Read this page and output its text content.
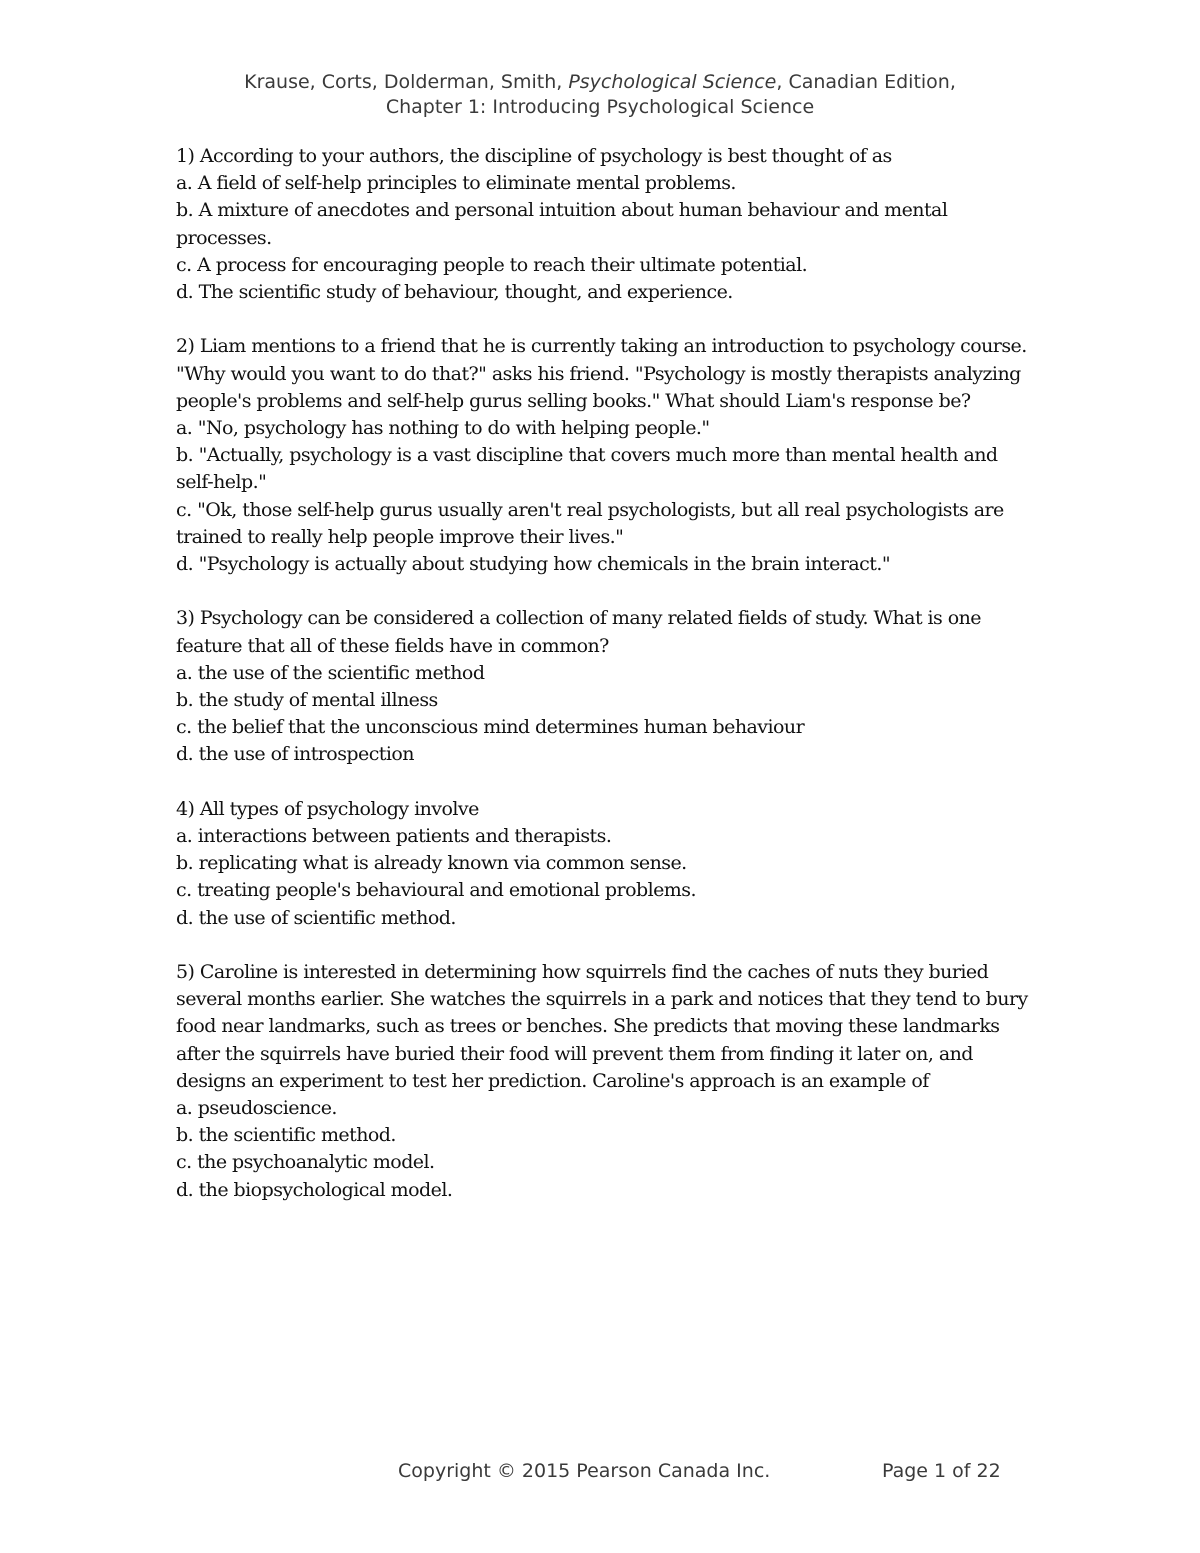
Krause, Corts, Dolderman, Smith, Psychological Science, Canadian Edition,
Chapter 1: Introducing Psychological Science

1) According to your authors, the discipline of psychology is best thought of as

a. A field of self-help principles to eliminate mental problems.

b. A mixture of anecdotes and personal intuition about human behaviour and mental processes.

c. A process for encouraging people to reach their ultimate potential.

d. The scientific study of behaviour, thought, and experience.

2) Liam mentions to a friend that he is currently taking an introduction to psychology course. "Why would you want to do that?" asks his friend. "Psychology is mostly therapists analyzing people's problems and self-help gurus selling books." What should Liam's response be?

a. "No, psychology has nothing to do with helping people."

b. "Actually, psychology is a vast discipline that covers much more than mental health and self-help."

c. "Ok, those self-help gurus usually aren't real psychologists, but all real psychologists are trained to really help people improve their lives."

d. "Psychology is actually about studying how chemicals in the brain interact."

3) Psychology can be considered a collection of many related fields of study. What is one feature that all of these fields have in common?

a. the use of the scientific method

b. the study of mental illness

c. the belief that the unconscious mind determines human behaviour

d. the use of introspection

4) All types of psychology involve

a. interactions between patients and therapists.

b. replicating what is already known via common sense.

c. treating people's behavioural and emotional problems.

d. the use of scientific method.

5) Caroline is interested in determining how squirrels find the caches of nuts they buried several months earlier. She watches the squirrels in a park and notices that they tend to bury food near landmarks, such as trees or benches. She predicts that moving these landmarks after the squirrels have buried their food will prevent them from finding it later on, and designs an experiment to test her prediction. Caroline's approach is an example of

a. pseudoscience.

b. the scientific method.

c. the psychoanalytic model.

d. the biopsychological model.

Copyright © 2015 Pearson Canada Inc.	Page 1 of 22
